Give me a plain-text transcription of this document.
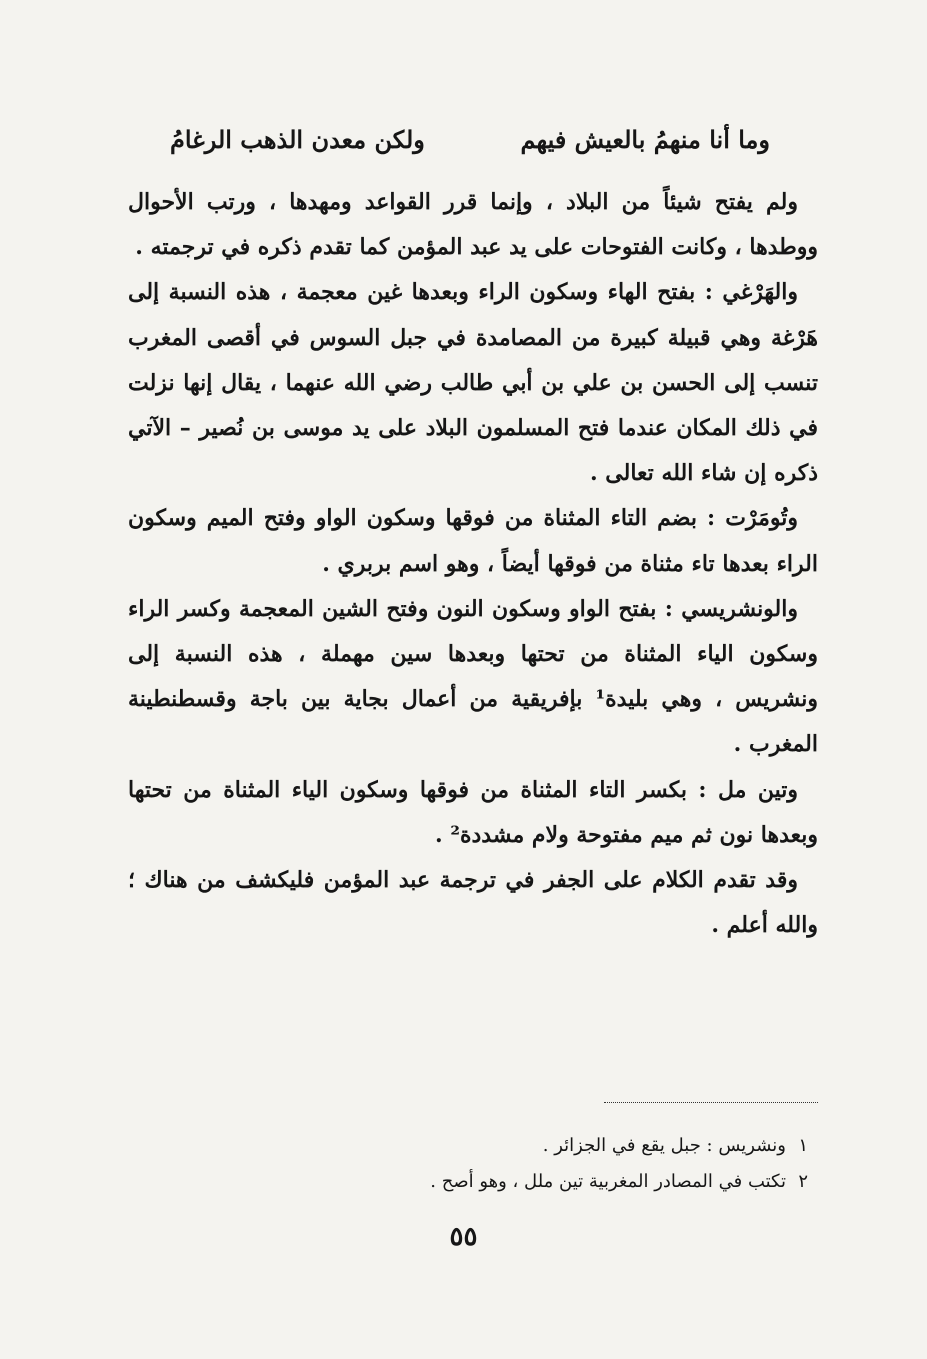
وما أنا منهمُ بالعيش فيهم
ولكن معدن الذهب الرغامُ

ولم يفتح شيئاً من البلاد ، وإنما قرر القواعد ومهدها ، ورتب الأحوال ووطدها ، وكانت الفتوحات على يد عبد المؤمن كما تقدم ذكره في ترجمته .

والهَرْغي : بفتح الهاء وسكون الراء وبعدها غين معجمة ، هذه النسبة إلى هَرْغة وهي قبيلة كبيرة من المصامدة في جبل السوس في أقصى المغرب تنسب إلى الحسن بن علي بن أبي طالب رضي الله عنهما ، يقال إنها نزلت في ذلك المكان عندما فتح المسلمون البلاد على يد موسى بن نُصير – الآتي ذكره إن شاء الله تعالى .

وتُومَرْت : بضم التاء المثناة من فوقها وسكون الواو وفتح الميم وسكون الراء بعدها تاء مثناة من فوقها أيضاً ، وهو اسم بربري .

والونشريسي : بفتح الواو وسكون النون وفتح الشين المعجمة وكسر الراء وسكون الياء المثناة من تحتها وبعدها سين مهملة ، هذه النسبة إلى ونشريس ، وهي بليدة¹ بإفريقية من أعمال بجاية بين باجة وقسطنطينة المغرب .

وتين مل : بكسر التاء المثناة من فوقها وسكون الياء المثناة من تحتها وبعدها نون ثم ميم مفتوحة ولام مشددة² .

وقد تقدم الكلام على الجفر في ترجمة عبد المؤمن فليكشف من هناك ؛ والله أعلم .

١
ونشريس : جبل يقع في الجزائر .
٢
تكتب في المصادر المغربية تين ملل ، وهو أصح .
٥٥
